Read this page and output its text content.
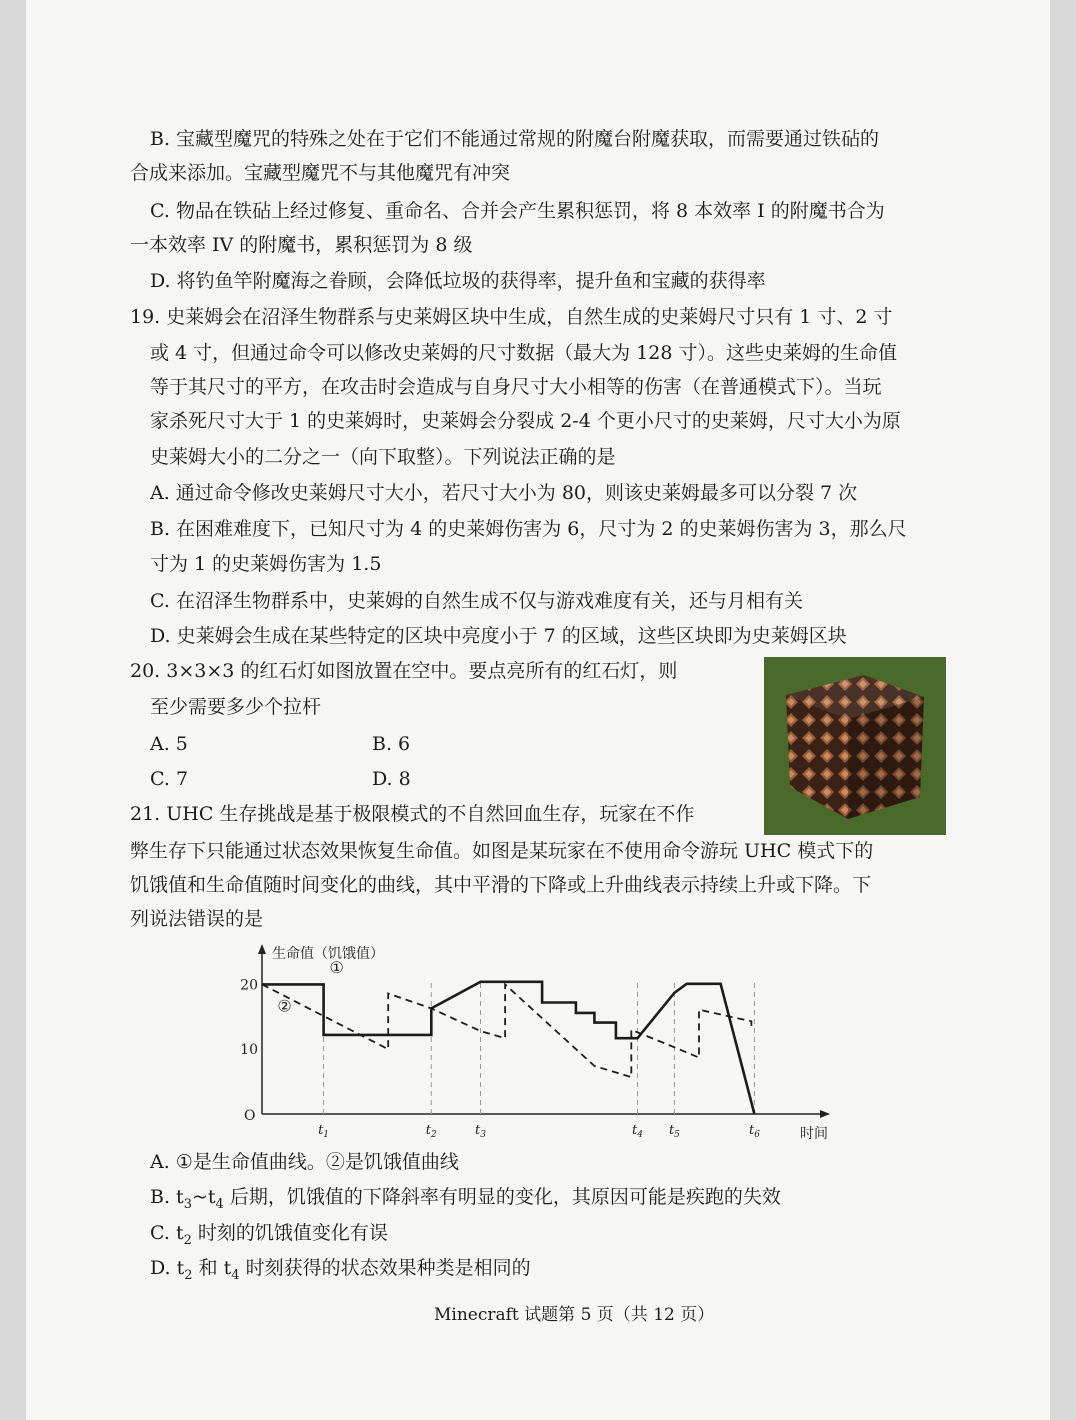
B. 宝藏型魔咒的特殊之处在于它们不能通过常规的附魔台附魔获取，而需要通过铁砧的
合成来添加。宝藏型魔咒不与其他魔咒有冲突
C. 物品在铁砧上经过修复、重命名、合并会产生累积惩罚，将 8 本效率 I 的附魔书合为
一本效率 IV 的附魔书，累积惩罚为 8 级
D. 将钓鱼竿附魔海之眷顾，会降低垃圾的获得率，提升鱼和宝藏的获得率
19. 史莱姆会在沼泽生物群系与史莱姆区块中生成，自然生成的史莱姆尺寸只有 1 寸、2 寸
或 4 寸，但通过命令可以修改史莱姆的尺寸数据（最大为 128 寸）。这些史莱姆的生命值
等于其尺寸的平方，在攻击时会造成与自身尺寸大小相等的伤害（在普通模式下）。当玩
家杀死尺寸大于 1 的史莱姆时，史莱姆会分裂成 2-4 个更小尺寸的史莱姆，尺寸大小为原
史莱姆大小的二分之一（向下取整）。下列说法正确的是
A. 通过命令修改史莱姆尺寸大小，若尺寸大小为 80，则该史莱姆最多可以分裂 7 次
B. 在困难难度下，已知尺寸为 4 的史莱姆伤害为 6，尺寸为 2 的史莱姆伤害为 3，那么尺
寸为 1 的史莱姆伤害为 1.5
C. 在沼泽生物群系中，史莱姆的自然生成不仅与游戏难度有关，还与月相有关
D. 史莱姆会生成在某些特定的区块中亮度小于 7 的区域，这些区块即为史莱姆区块
20. 3×3×3 的红石灯如图放置在空中。要点亮所有的红石灯，则
至少需要多少个拉杆
A. 5	B. 6
C. 7	D. 8
21. UHC 生存挑战是基于极限模式的不自然回血生存，玩家在不作
弊生存下只能通过状态效果恢复生命值。如图是某玩家在不使用命令游玩 UHC 模式下的
饥饿值和生命值随时间变化的曲线，其中平滑的下降或上升曲线表示持续上升或下降。下
列说法错误的是
A. ①是生命值曲线。②是饥饿值曲线
B. $t_3\sim t_4$ 后期，饥饿值的下降斜率有明显的变化，其原因可能是疾跑的失效
C. $t_2$ 时刻的饥饿值变化有误
D. $t_2$ 和 $t_4$ 时刻获得的状态效果种类是相同的
Minecraft 试题第 5 页（共 12 页）
生命值（饥饿值）
时间
O
10
20
$t_1$	$t_2$	$t_3$	$t_4$ $t_5$	$t_6$
①
②
